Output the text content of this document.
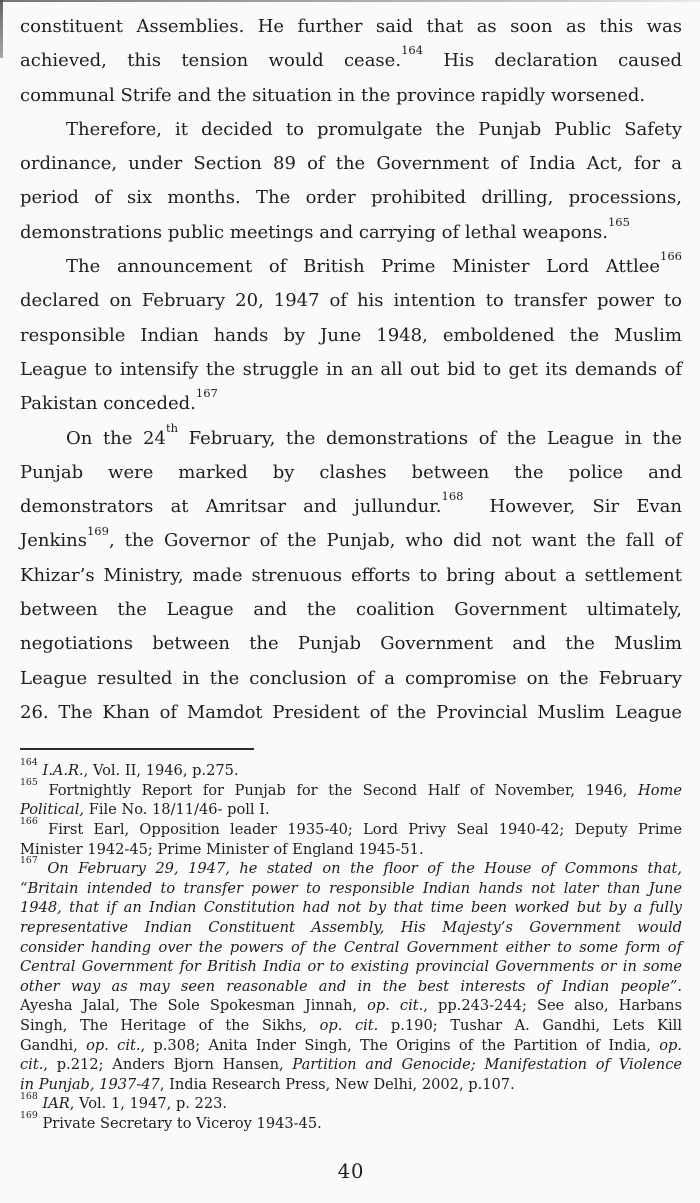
constituent Assemblies. He further said that as soon as this was
achieved, this tension would cease.$^{164}$ His declaration caused
communal Strife and the situation in the province rapidly worsened.
Therefore, it decided to promulgate the Punjab Public Safety
ordinance, under Section 89 of the Government of India Act, for a
period of six months. The order prohibited drilling, processions,
demonstrations public meetings and carrying of lethal weapons.$^{165}$
The announcement of British Prime Minister Lord Attlee$^{166}$
declared on February 20, 1947 of his intention to transfer power to
responsible Indian hands by June 1948, emboldened the Muslim
League to intensify the struggle in an all out bid to get its demands of
Pakistan conceded.$^{167}$
On the 24th February, the demonstrations of the League in the
Punjab were marked by clashes between the police and
demonstrators at Amritsar and jullundur.$^{168}$ However, Sir Evan
Jenkins$^{169}$, the Governor of the Punjab, who did not want the fall of
Khizar’s Ministry, made strenuous efforts to bring about a settlement
between the League and the coalition Government ultimately,
negotiations between the Punjab Government and the Muslim
League resulted in the conclusion of a compromise on the February
26. The Khan of Mamdot President of the Provincial Muslim League
$^{164}$ I.A.R., Vol. II, 1946, p.275.
$^{165}$ Fortnightly Report for Punjab for the Second Half of November, 1946, Home
Political, File No. 18/11/46- poll I.
$^{166}$ First Earl, Opposition leader 1935-40; Lord Privy Seal 1940-42; Deputy Prime
Minister 1942-45; Prime Minister of England 1945-51.
$^{167}$ On February 29, 1947, he stated on the floor of the House of Commons that,
“Britain intended to transfer power to responsible Indian hands not later than June
1948, that if an Indian Constitution had not by that time been worked but by a fully
representative Indian Constituent Assembly, His Majesty’s Government would
consider handing over the powers of the Central Government either to some form of
Central Government for British India or to existing provincial Governments or in some
other way as may seen reasonable and in the best interests of Indian people”.
Ayesha Jalal, The Sole Spokesman Jinnah, op. cit., pp.243-244; See also, Harbans
Singh, The Heritage of the Sikhs, op. cit. p.190; Tushar A. Gandhi, Lets Kill
Gandhi, op. cit., p.308; Anita Inder Singh, The Origins of the Partition of India, op.
cit., p.212; Anders Bjorn Hansen, Partition and Genocide; Manifestation of Violence
in Punjab, 1937-47, India Research Press, New Delhi, 2002, p.107.
$^{168}$ IAR, Vol. 1, 1947, p. 223.
$^{169}$ Private Secretary to Viceroy 1943-45.
40
